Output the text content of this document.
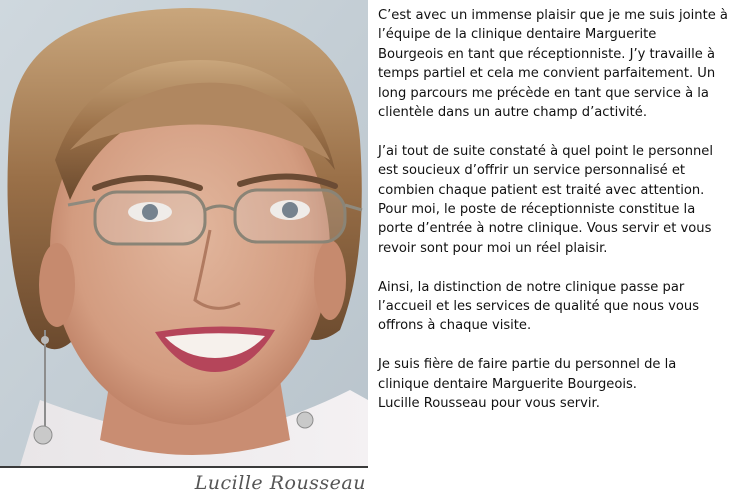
Lucille Rousseau

C’est avec un immense plaisir que je me suis jointe à
l’équipe de la clinique dentaire Marguerite
Bourgeois en tant que réceptionniste. J’y travaille à
temps partiel et cela me convient parfaitement. Un
long parcours me précède en tant que service à la
clientèle dans un autre champ d’activité.

J’ai tout de suite constaté à quel point le personnel
est soucieux d’offrir un service personnalisé et
combien chaque patient est traité avec attention.
Pour moi, le poste de réceptionniste constitue la
porte d’entrée à notre clinique. Vous servir et vous
revoir sont pour moi un réel plaisir.

Ainsi, la distinction de notre clinique passe par
l’accueil et les services de qualité que nous vous
offrons à chaque visite.

Je suis fière de faire partie du personnel de la
clinique dentaire Marguerite Bourgeois.
Lucille Rousseau pour vous servir.
